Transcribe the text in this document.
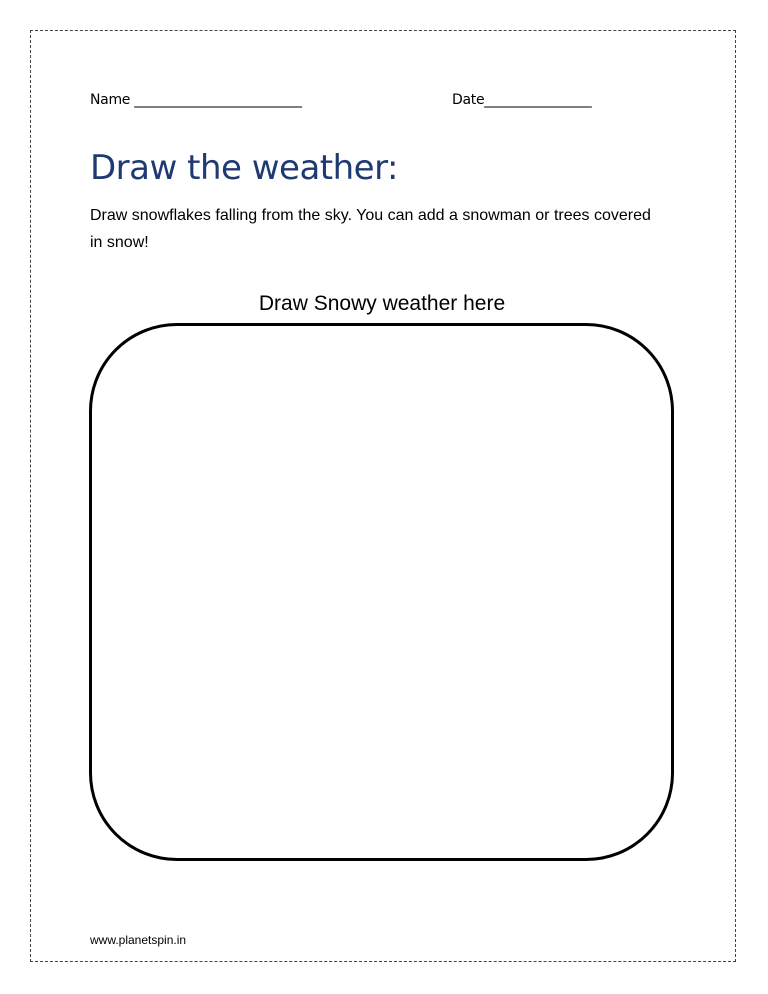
Name _________________________	Date________________
Draw the weather:
Draw snowflakes falling from the sky. You can add a snowman or trees covered in snow!
Draw Snowy weather here
www.planetspin.in
